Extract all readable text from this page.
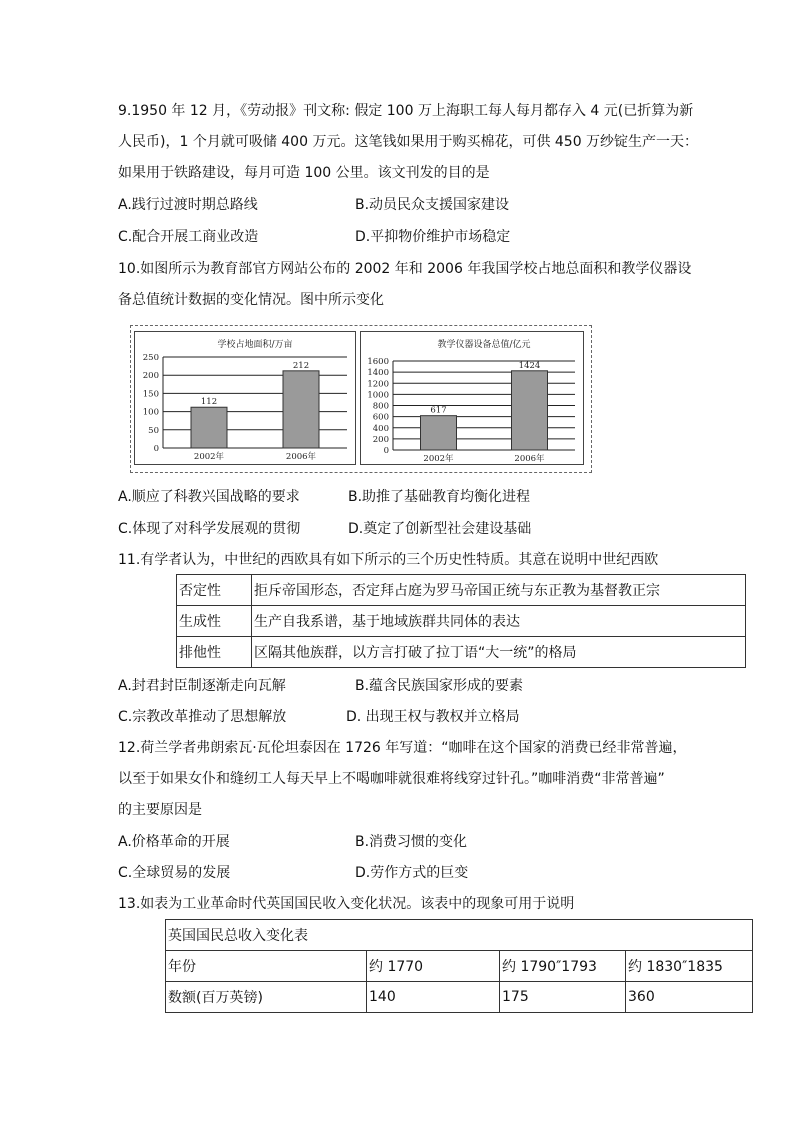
9.1950 年 12 月，《劳动报》刊文称: 假定 100 万上海职工每人每月都存入 4 元(已折算为新
人民币)，1 个月就可吸储 400 万元。这笔钱如果用于购买棉花，可供 450 万纱锭生产一天：
如果用于铁路建设，每月可造 100 公里。该文刊发的目的是
A.践行过渡时期总路线	B.动员民众支援国家建设
C.配合开展工商业改造	D.平抑物价维护市场稳定
10.如图所示为教育部官方网站公布的 2002 年和 2006 年我国学校占地总面积和教学仪器设
备总值统计数据的变化情况。图中所示变化
学校占地面积/万亩
0
50
100
150
200
250
112
2002年
212
2006年
教学仪器设备总值/亿元
0
200
400
600
800
1000
1200
1400
1600
617
2002年
1424
2006年
A.顺应了科教兴国战略的要求	B.助推了基础教育均衡化进程
C.体现了对科学发展观的贯彻	D.奠定了创新型社会建设基础
11.有学者认为，中世纪的西欧具有如下所示的三个历史性特质。其意在说明中世纪西欧
否定性	拒斥帝国形态，否定拜占庭为罗马帝国正统与东正教为基督教正宗
生成性	生产自我系谱，基于地域族群共同体的表达
排他性	区隔其他族群，以方言打破了拉丁语“大一统”的格局
A.封君封臣制逐渐走向瓦解	B.蕴含民族国家形成的要素
C.宗教改革推动了思想解放	D. 出现王权与教权并立格局
12.荷兰学者弗朗索瓦·瓦伦坦泰因在 1726 年写道：“咖啡在这个国家的消费已经非常普遍，
以至于如果女仆和缝纫工人每天早上不喝咖啡就很难将线穿过针孔。”咖啡消费“非常普遍”
的主要原因是
A.价格革命的开展	B.消费习惯的变化
C.全球贸易的发展	D.劳作方式的巨变
13.如表为工业革命时代英国国民收入变化状况。该表中的现象可用于说明
英国国民总收入变化表			
年份	约 1770	约 1790″1793	约 1830″1835
数额(百万英镑)	140	175	360
